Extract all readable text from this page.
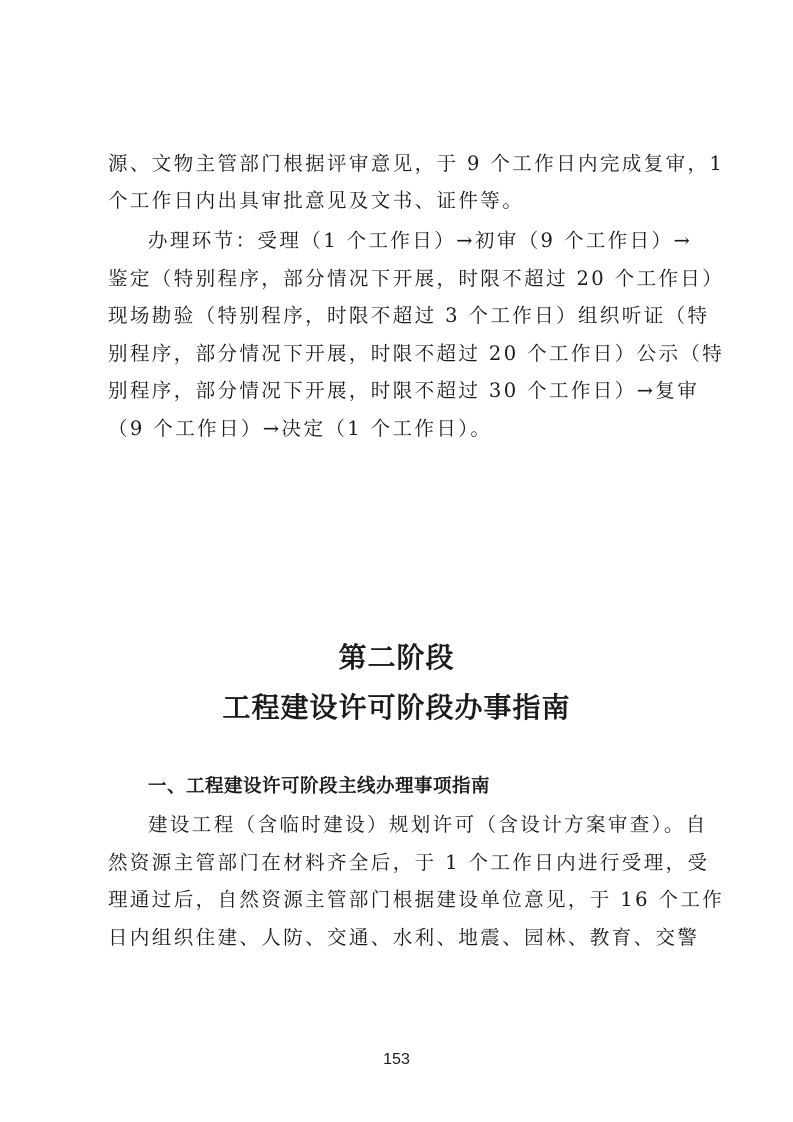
源、文物主管部门根据评审意见，于 9 个工作日内完成复审，1
个工作日内出具审批意见及文书、证件等。
办理环节：受理（1 个工作日）→初审（9 个工作日）→
鉴定（特别程序，部分情况下开展，时限不超过 20 个工作日）
现场勘验（特别程序，时限不超过 3 个工作日）组织听证（特
别程序，部分情况下开展，时限不超过 20 个工作日）公示（特
别程序，部分情况下开展，时限不超过 30 个工作日）→复审
（9 个工作日）→决定（1 个工作日）。
第二阶段
工程建设许可阶段办事指南
一、工程建设许可阶段主线办理事项指南
建设工程（含临时建设）规划许可（含设计方案审查）。自
然资源主管部门在材料齐全后，于 1 个工作日内进行受理，受
理通过后，自然资源主管部门根据建设单位意见，于 16 个工作
日内组织住建、人防、交通、水利、地震、园林、教育、交警
153
